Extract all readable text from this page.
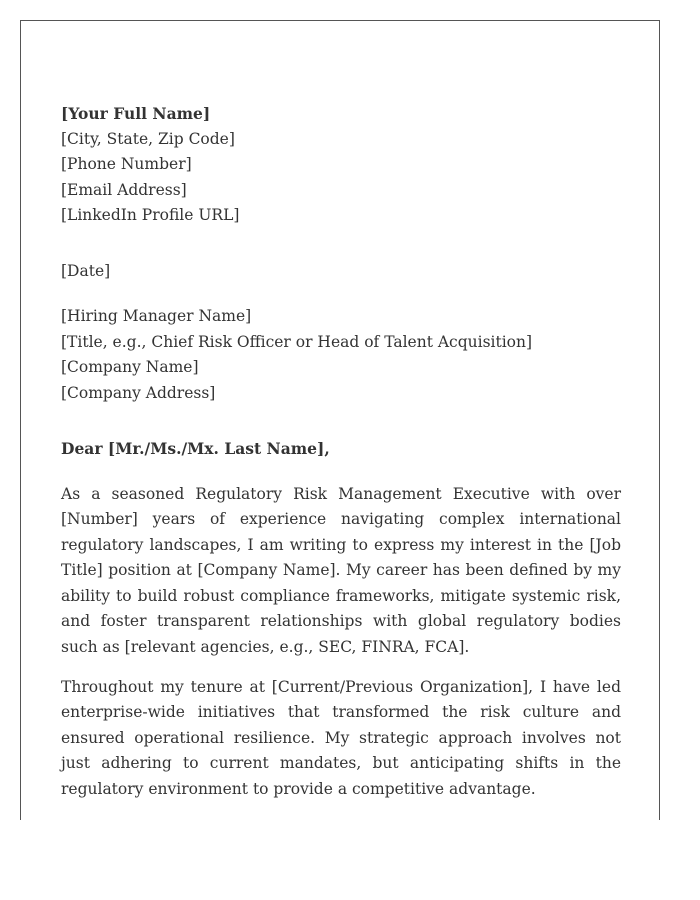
[Your Full Name]
[City, State, Zip Code]
[Phone Number]
[Email Address]
[LinkedIn Profile URL]
[Date]
[Hiring Manager Name]
[Title, e.g., Chief Risk Officer or Head of Talent Acquisition]
[Company Name]
[Company Address]
Dear [Mr./Ms./Mx. Last Name],

As a seasoned Regulatory Risk Management Executive with over [Number] years of experience navigating complex international regulatory landscapes, I am writing to express my interest in the [Job Title] position at [Company Name]. My career has been defined by my ability to build robust compliance frameworks, mitigate systemic risk, and foster transparent relationships with global regulatory bodies such as [relevant agencies, e.g., SEC, FINRA, FCA].

Throughout my tenure at [Current/Previous Organization], I have led enterprise-wide initiatives that transformed the risk culture and ensured operational resilience. My strategic approach involves not just adhering to current mandates, but anticipating shifts in the regulatory environment to provide a competitive advantage.
